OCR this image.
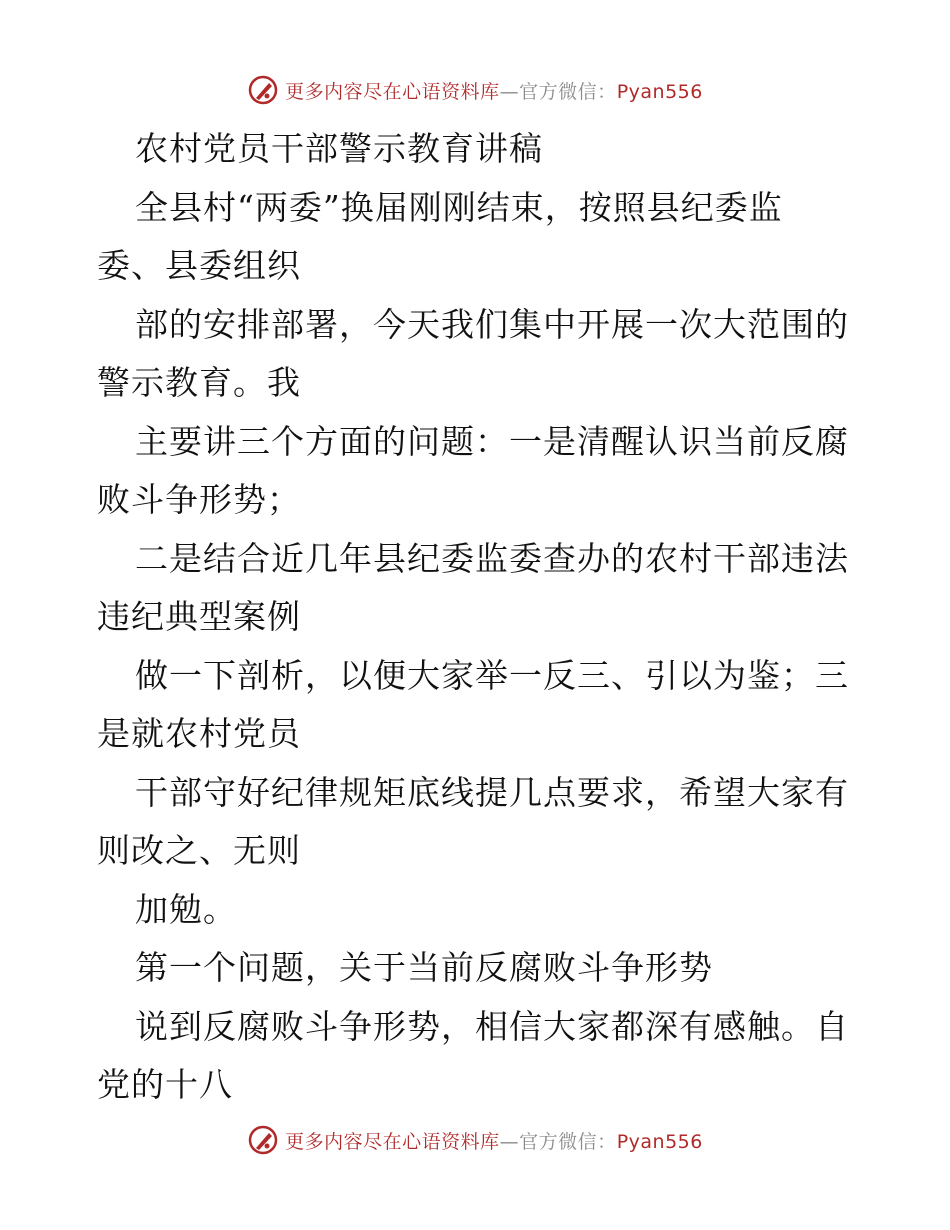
更多内容尽在心语资料库—官方微信：Pyan556
农村党员干部警示教育讲稿
全县村“两委”换届刚刚结束，按照县纪委监
委、县委组织
部的安排部署，今天我们集中开展一次大范围的
警示教育。我
主要讲三个方面的问题：一是清醒认识当前反腐
败斗争形势；
二是结合近几年县纪委监委查办的农村干部违法
违纪典型案例
做一下剖析，以便大家举一反三、引以为鉴；三
是就农村党员
干部守好纪律规矩底线提几点要求，希望大家有
则改之、无则
加勉。
第一个问题，关于当前反腐败斗争形势
说到反腐败斗争形势，相信大家都深有感触。自
党的十八
更多内容尽在心语资料库—官方微信：Pyan556
